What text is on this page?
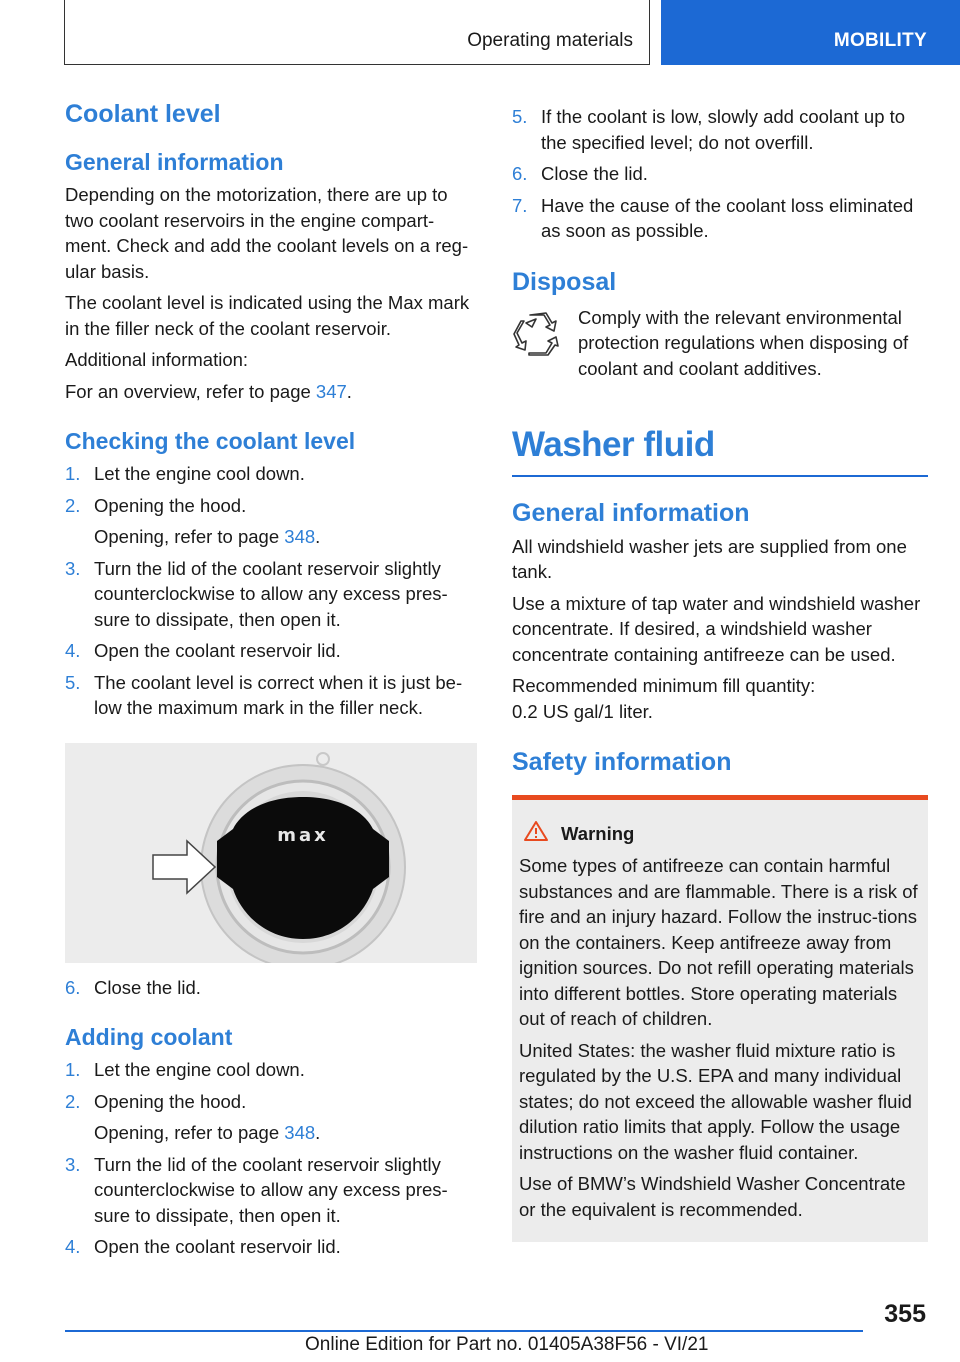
Operating materials	MOBILITY
Coolant level
General information

Depending on the motorization, there are up to two coolant reservoirs in the engine compart‐ment. Check and add the coolant levels on a reg‐ular basis.

The coolant level is indicated using the Max mark in the filler neck of the coolant reservoir.

Additional information:

For an overview, refer to page 347.

Checking the coolant level
1. Let the engine cool down.
2. Opening the hood.

Opening, refer to page 348.

3. Turn the lid of the coolant reservoir slightly counterclockwise to allow any excess pres‐sure to dissipate, then open it.
4. Open the coolant reservoir lid.
5. The coolant level is correct when it is just be‐low the maximum mark in the filler neck.
max
6. Close the lid.
Adding coolant
1. Let the engine cool down.
2. Opening the hood.

Opening, refer to page 348.

3. Turn the lid of the coolant reservoir slightly counterclockwise to allow any excess pres‐sure to dissipate, then open it.
4. Open the coolant reservoir lid.
5. If the coolant is low, slowly add coolant up to the specified level; do not overfill.
6. Close the lid.
7. Have the cause of the coolant loss eliminated as soon as possible.
Disposal

Comply with the relevant environmental protection regulations when disposing of coolant and coolant additives.

Washer fluid
General information

All windshield washer jets are supplied from one tank.

Use a mixture of tap water and windshield washer concentrate. If desired, a windshield washer concentrate containing antifreeze can be used.

Recommended minimum fill quantity:
0.2 US gal/1 liter.

Safety information
Warning

Some types of antifreeze can contain harmful substances and are flammable. There is a risk of fire and an injury hazard. Follow the instruc‐tions on the containers. Keep antifreeze away from ignition sources. Do not refill operating materials into different bottles. Store operating materials out of reach of children.

United States: the washer fluid mixture ratio is regulated by the U.S. EPA and many individual states; do not exceed the allowable washer fluid dilution ratio limits that apply. Follow the usage instructions on the washer fluid container.

Use of BMW’s Windshield Washer Concentrate or the equivalent is recommended.

355
Online Edition for Part no. 01405A38F56 - VI/21
